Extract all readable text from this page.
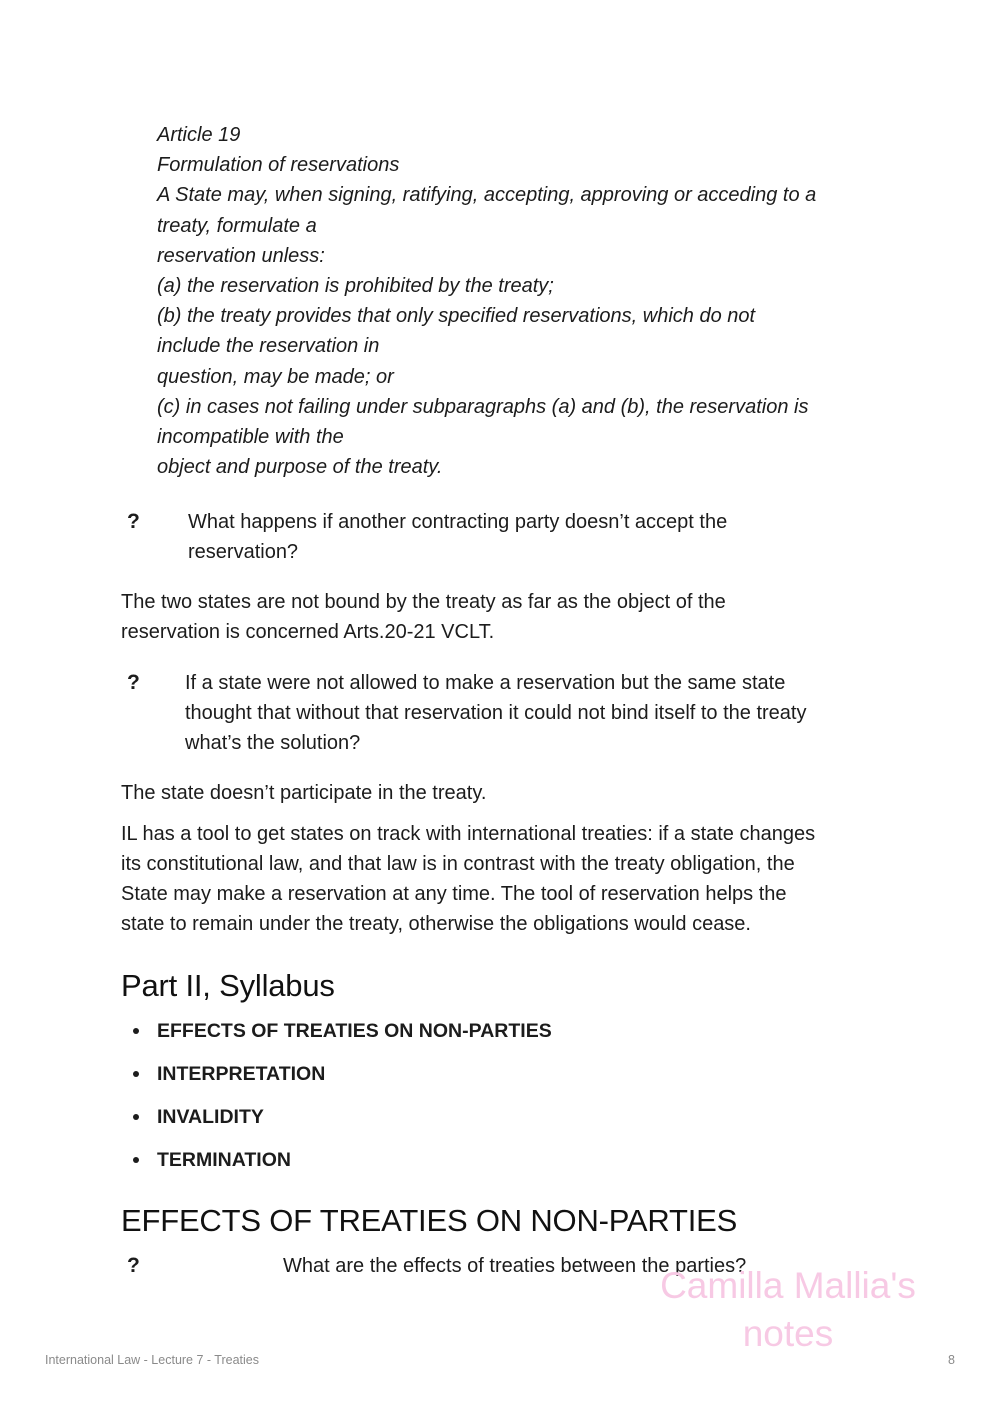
Article 19
Formulation of reservations
A State may, when signing, ratifying, accepting, approving or acceding to a
treaty, formulate a
reservation unless:
(a) the reservation is prohibited by the treaty;
(b) the treaty provides that only specified reservations, which do not
include the reservation in
question, may be made; or
(c) in cases not failing under subparagraphs (a) and (b), the reservation is
incompatible with the
object and purpose of the treaty.
? What happens if another contracting party doesn’t accept the
reservation?
The two states are not bound by the treaty as far as the object of the
reservation is concerned Arts.20-21 VCLT.
? If a state were not allowed to make a reservation but the same state
thought that without that reservation it could not bind itself to the treaty
what’s the solution?
The state doesn’t participate in the treaty.
IL has a tool to get states on track with international treaties: if a state changes
its constitutional law, and that law is in contrast with the treaty obligation, the
State may make a reservation at any time. The tool of reservation helps the
state to remain under the treaty, otherwise the obligations would cease.
Part II, Syllabus
EFFECTS OF TREATIES ON NON-PARTIES
INTERPRETATION
INVALIDITY
TERMINATION
EFFECTS OF TREATIES ON NON-PARTIES
?	What are the effects of treaties between the parties?
Camilla Mallia's
notes
International Law - Lecture 7 - Treaties	8
